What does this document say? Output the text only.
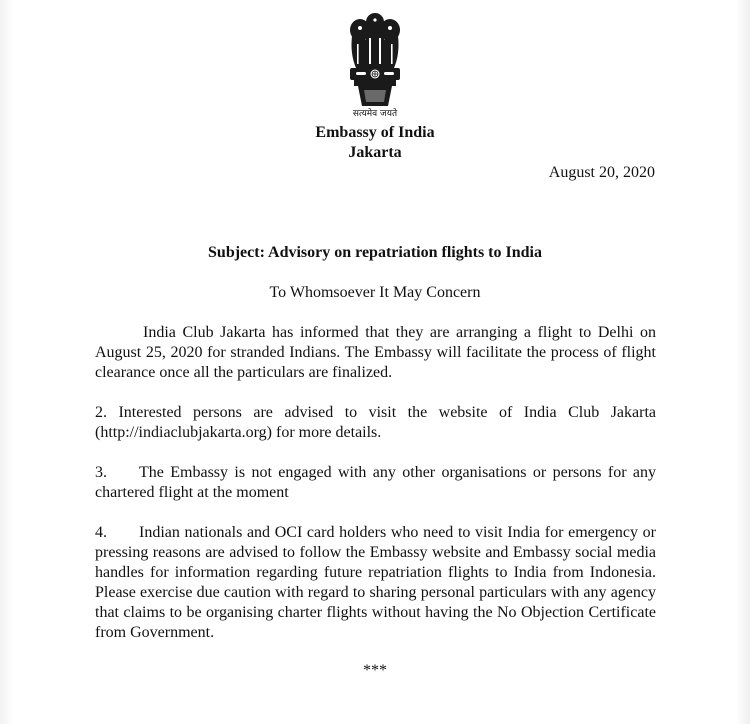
सत्यमेव जयते
Embassy of India
Jakarta
August 20, 2020
Subject: Advisory on repatriation flights to India
To Whomsoever It May Concern
India Club Jakarta has informed that they are arranging a flight to Delhi on August 25, 2020 for stranded Indians. The Embassy will facilitate the process of flight clearance once all the particulars are finalized.
2. Interested persons are advised to visit the website of India Club Jakarta (http://indiaclubjakarta.org) for more details.
3. The Embassy is not engaged with any other organisations or persons for any chartered flight at the moment
4. Indian nationals and OCI card holders who need to visit India for emergency or pressing reasons are advised to follow the Embassy website and Embassy social media handles for information regarding future repatriation flights to India from Indonesia. Please exercise due caution with regard to sharing personal particulars with any agency that claims to be organising charter flights without having the No Objection Certificate from Government.
***
